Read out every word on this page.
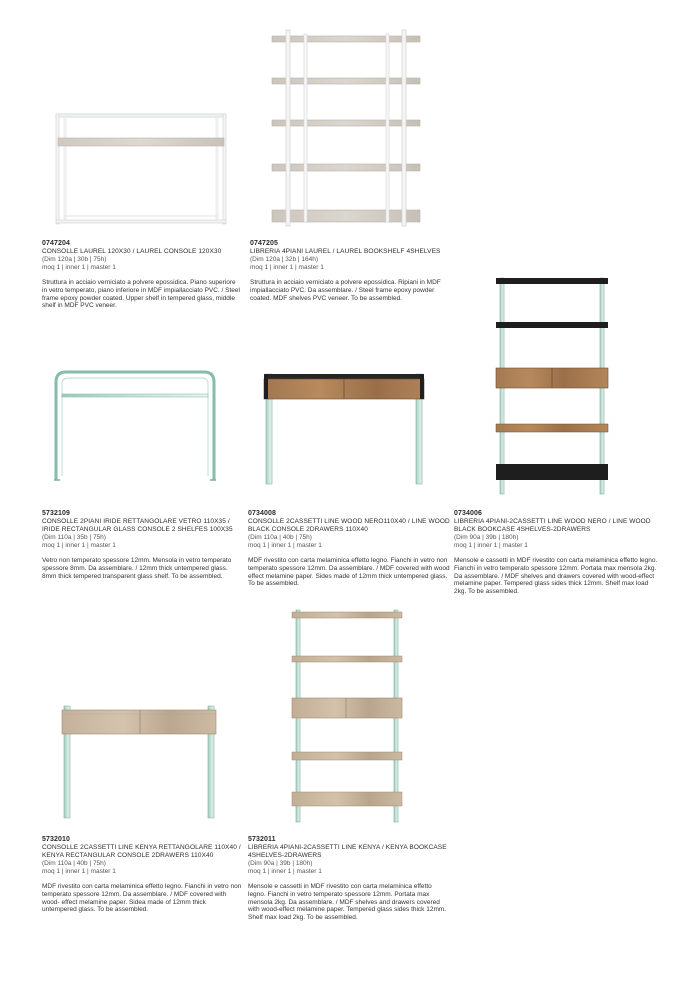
0747204

CONSOLLE LAUREL 120X30 / LAUREL CONSOLE 120X30

(Dim 120a | 30b | 75h)

moq 1 | inner 1 | master 1

Struttura in acciaio verniciato a polvere epossidica. Piano superiore in vetro temperato, piano inferiore in MDF impiallacciato PVC. / Steel frame epoxy powder coated. Upper shelf in tempered glass, middle shelf in MDF PVC veneer.

0747205

LIBRERIA 4PIANI LAUREL / LAUREL BOOKSHELF 4SHELVES

(Dim 120a | 32b | 164h)

moq 1 | inner 1 | master 1

Struttura in acciaio verniciato a polvere epossidica. Ripiani in MDF impiallacciato PVC. Da assemblare. / Steel frame epoxy powder coated. MDF shelves PVC veneer. To be assembled.

5732109

CONSOLLE 2PIANI IRIDE RETTANGOLARE VETRO 110X35 / IRIDE RECTANGULAR GLASS CONSOLE 2 SHELFES 100X35

(Dim 110a | 35b | 75h)

moq 1 | inner 1 | master 1

Vetro non temperato spessore 12mm. Mensola in vetro temperato spessore 8mm. Da assemblare. / 12mm thick untempered glass. 8mm thick tempered transparent glass shelf. To be assembled.

0734008

CONSOLLE 2CASSETTI LINE WOOD NERO110X40 / LINE WOOD BLACK CONSOLE 2DRAWERS 110X40

(Dim 110a | 40b | 75h)

moq 1 | inner 1 | master 1

MDF rivestito con carta melaminica effetto legno. Fianchi in vetro non temperato spessore 12mm. Da assemblare. / MDF covered with wood effect melamine paper. Sides made of 12mm thick untempered glass. To be assembled.

0734006

LIBRERIA 4PIANI-2CASSETTI LINE WOOD NERO / LINE WOOD BLACK BOOKCASE 4SHELVES-2DRAWERS

(Dim 90a | 39b | 180h)

moq 1 | inner 1 | master 1

Mensole e cassetti in MDF rivestito con carta melaminica effetto legno. Fianchi in vetro temperato spessore 12mm. Portata max mensola 2kg. Da assemblare. / MDF shelves and drawers covered with wood-effect melamine paper. Tempered glass sides thick 12mm. Shelf max load 2kg. To be assembled.

5732010

CONSOLLE 2CASSETTI LINE KENYA RETTANGOLARE 110X40 / KENYA RECTANGULAR CONSOLE 2DRAWERS 110X40

(Dim 110a | 40b | 75h)

moq 1 | inner 1 | master 1

MDF rivestito con carta melaminica effetto legno. Fianchi in vetro non temperato spessore 12mm. Da assemblare. / MDF covered with wood- effect melamine paper. Sidea made of 12mm thick untempered glass. To be assembled.

5732011

LIBRERIA 4PIANI-2CASSETTI LINE KENYA / KENYA BOOKCASE 4SHELVES-2DRAWERS

(Dim 90a | 39b | 180h)

moq 1 | inner 1 | master 1

Mensole e cassetti in MDF rivestito con carta melaminica effetto legno. Fianchi in vetro temperato spessore 12mm. Portata max mensola 2kg. Da assemblare. / MDF shelves and drawers covered with wood-effect melamine paper. Tempered glass sides thick 12mm. Shelf max load 2kg. To be assembled.
